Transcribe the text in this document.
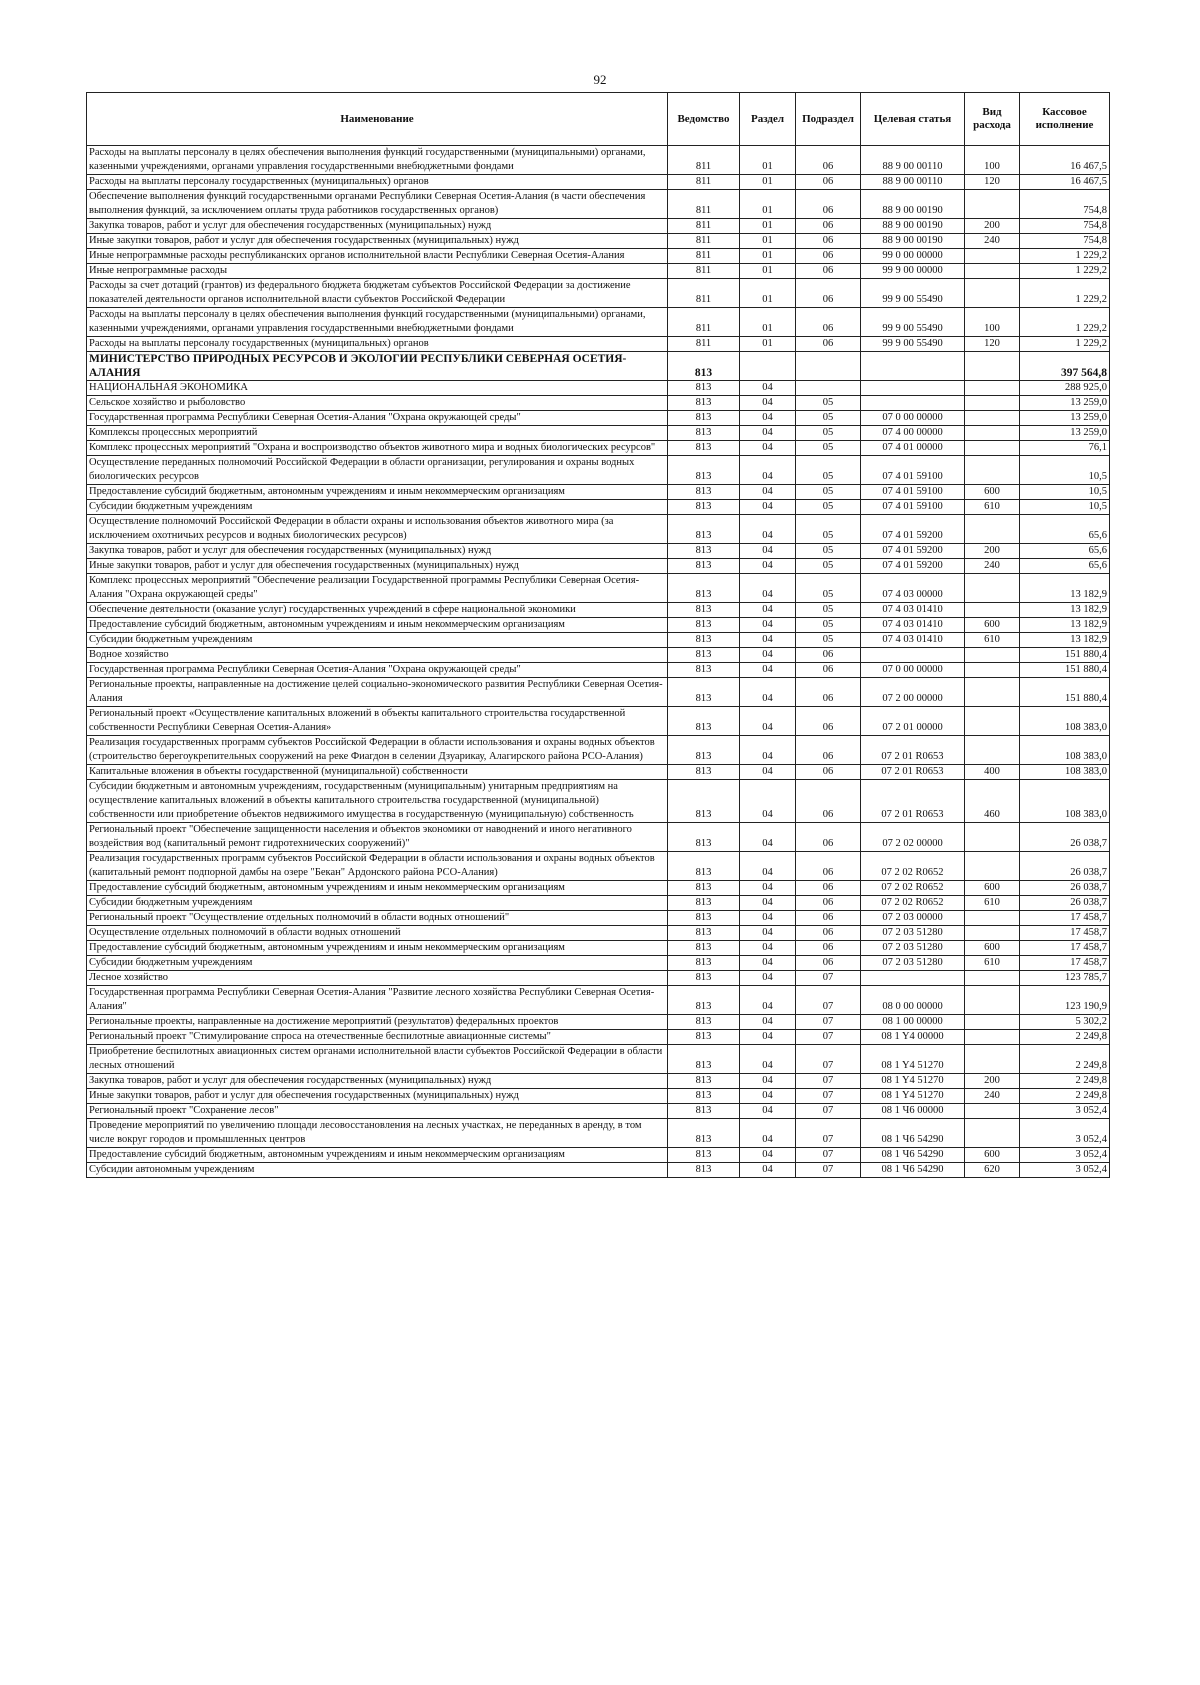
92
Наименование	Ведомство	Раздел	Подраздел	Целевая статья	Вид расхода	Кассовое исполнение
Расходы на выплаты персоналу в целях обеспечения выполнения функций государственными (муниципальными) органами, казенными учреждениями, органами управления государственными внебюджетными фондами	811	01	06	88 9 00 00110	100	16 467,5
Расходы на выплаты персоналу государственных (муниципальных) органов	811	01	06	88 9 00 00110	120	16 467,5
Обеспечение выполнения функций государственными органами Республики Северная Осетия-Алания (в части обеспечения выполнения функций, за исключением оплаты труда работников государственных органов)	811	01	06	88 9 00 00190		754,8
Закупка товаров, работ и услуг для обеспечения государственных (муниципальных) нужд	811	01	06	88 9 00 00190	200	754,8
Иные закупки товаров, работ и услуг для обеспечения государственных (муниципальных) нужд	811	01	06	88 9 00 00190	240	754,8
Иные непрограммные расходы республиканских органов исполнительной власти Республики Северная Осетия-Алания	811	01	06	99 0 00 00000		1 229,2
Иные непрограммные расходы	811	01	06	99 9 00 00000		1 229,2
Расходы за счет дотаций (грантов) из федерального бюджета бюджетам субъектов Российской Федерации за достижение показателей деятельности органов исполнительной власти субъектов Российской Федерации	811	01	06	99 9 00 55490		1 229,2
Расходы на выплаты персоналу в целях обеспечения выполнения функций государственными (муниципальными) органами, казенными учреждениями, органами управления государственными внебюджетными фондами	811	01	06	99 9 00 55490	100	1 229,2
Расходы на выплаты персоналу государственных (муниципальных) органов	811	01	06	99 9 00 55490	120	1 229,2
МИНИСТЕРСТВО ПРИРОДНЫХ РЕСУРСОВ И ЭКОЛОГИИ РЕСПУБЛИКИ СЕВЕРНАЯ ОСЕТИЯ-АЛАНИЯ	813					397 564,8
НАЦИОНАЛЬНАЯ ЭКОНОМИКА	813	04				288 925,0
Сельское хозяйство и рыболовство	813	04	05			13 259,0
Государственная программа Республики Северная Осетия-Алания "Охрана окружающей среды"	813	04	05	07 0 00 00000		13 259,0
Комплексы процессных мероприятий	813	04	05	07 4 00 00000		13 259,0
Комплекс процессных мероприятий "Охрана и воспроизводство объектов животного мира и водных биологических ресурсов"	813	04	05	07 4 01 00000		76,1
Осуществление переданных полномочий Российской Федерации в области организации, регулирования и охраны водных биологических ресурсов	813	04	05	07 4 01 59100		10,5
Предоставление субсидий бюджетным, автономным учреждениям и иным некоммерческим организациям	813	04	05	07 4 01 59100	600	10,5
Субсидии бюджетным учреждениям	813	04	05	07 4 01 59100	610	10,5
Осуществление полномочий Российской Федерации в области охраны и использования объектов животного мира (за исключением охотничьих ресурсов и водных биологических ресурсов)	813	04	05	07 4 01 59200		65,6
Закупка товаров, работ и услуг для обеспечения государственных (муниципальных) нужд	813	04	05	07 4 01 59200	200	65,6
Иные закупки товаров, работ и услуг для обеспечения государственных (муниципальных) нужд	813	04	05	07 4 01 59200	240	65,6
Комплекс процессных мероприятий "Обеспечение реализации Государственной программы Республики Северная Осетия-Алания "Охрана окружающей среды"	813	04	05	07 4 03 00000		13 182,9
Обеспечение деятельности (оказание услуг) государственных учреждений в сфере национальной экономики	813	04	05	07 4 03 01410		13 182,9
Предоставление субсидий бюджетным, автономным учреждениям и иным некоммерческим организациям	813	04	05	07 4 03 01410	600	13 182,9
Субсидии бюджетным учреждениям	813	04	05	07 4 03 01410	610	13 182,9
Водное хозяйство	813	04	06			151 880,4
Государственная программа Республики Северная Осетия-Алания "Охрана окружающей среды"	813	04	06	07 0 00 00000		151 880,4
Региональные проекты, направленные на достижение целей социально-экономического развития Республики Северная Осетия-Алания	813	04	06	07 2 00 00000		151 880,4
Региональный проект «Осуществление капитальных вложений в объекты капитального строительства государственной собственности Республики Северная Осетия-Алания»	813	04	06	07 2 01 00000		108 383,0
Реализация государственных программ субъектов Российской Федерации в области использования и охраны водных объектов (строительство берегоукрепительных сооружений на реке Фиагдон в селении Дзуарикау, Алагирского района РСО-Алания)	813	04	06	07 2 01 R0653		108 383,0
Капитальные вложения в объекты государственной (муниципальной) собственности	813	04	06	07 2 01 R0653	400	108 383,0
Субсидии бюджетным и автономным учреждениям, государственным (муниципальным) унитарным предприятиям на осуществление капитальных вложений в объекты капитального строительства государственной (муниципальной) собственности или приобретение объектов недвижимого имущества в государственную (муниципальную) собственность	813	04	06	07 2 01 R0653	460	108 383,0
Региональный проект "Обеспечение защищенности населения и объектов экономики от наводнений и иного негативного воздействия вод (капитальный ремонт гидротехнических сооружений)"	813	04	06	07 2 02 00000		26 038,7
Реализация государственных программ субъектов Российской Федерации в области использования и охраны водных объектов (капитальный ремонт подпорной дамбы на озере "Бекан" Ардонского района РСО-Алания)	813	04	06	07 2 02 R0652		26 038,7
Предоставление субсидий бюджетным, автономным учреждениям и иным некоммерческим организациям	813	04	06	07 2 02 R0652	600	26 038,7
Субсидии бюджетным учреждениям	813	04	06	07 2 02 R0652	610	26 038,7
Региональный проект "Осуществление отдельных полномочий в области водных отношений"	813	04	06	07 2 03 00000		17 458,7
Осуществление отдельных полномочий в области водных отношений	813	04	06	07 2 03 51280		17 458,7
Предоставление субсидий бюджетным, автономным учреждениям и иным некоммерческим организациям	813	04	06	07 2 03 51280	600	17 458,7
Субсидии бюджетным учреждениям	813	04	06	07 2 03 51280	610	17 458,7
Лесное хозяйство	813	04	07			123 785,7
Государственная программа Республики Северная Осетия-Алания "Развитие лесного хозяйства Республики Северная Осетия-Алания"	813	04	07	08 0 00 00000		123 190,9
Региональные проекты, направленные на достижение мероприятий (результатов) федеральных проектов	813	04	07	08 1 00 00000		5 302,2
Региональный проект "Стимулирование спроса на отечественные беспилотные авиационные системы"	813	04	07	08 1 Y4 00000		2 249,8
Приобретение беспилотных авиационных систем органами исполнительной власти субъектов Российской Федерации в области лесных отношений	813	04	07	08 1 Y4 51270		2 249,8
Закупка товаров, работ и услуг для обеспечения государственных (муниципальных) нужд	813	04	07	08 1 Y4 51270	200	2 249,8
Иные закупки товаров, работ и услуг для обеспечения государственных (муниципальных) нужд	813	04	07	08 1 Y4 51270	240	2 249,8
Региональный проект "Сохранение лесов"	813	04	07	08 1 Ч6 00000		3 052,4
Проведение мероприятий по увеличению площади лесовосстановления на лесных участках, не переданных в аренду, в том числе вокруг городов и промышленных центров	813	04	07	08 1 Ч6 54290		3 052,4
Предоставление субсидий бюджетным, автономным учреждениям и иным некоммерческим организациям	813	04	07	08 1 Ч6 54290	600	3 052,4
Субсидии автономным учреждениям	813	04	07	08 1 Ч6 54290	620	3 052,4
